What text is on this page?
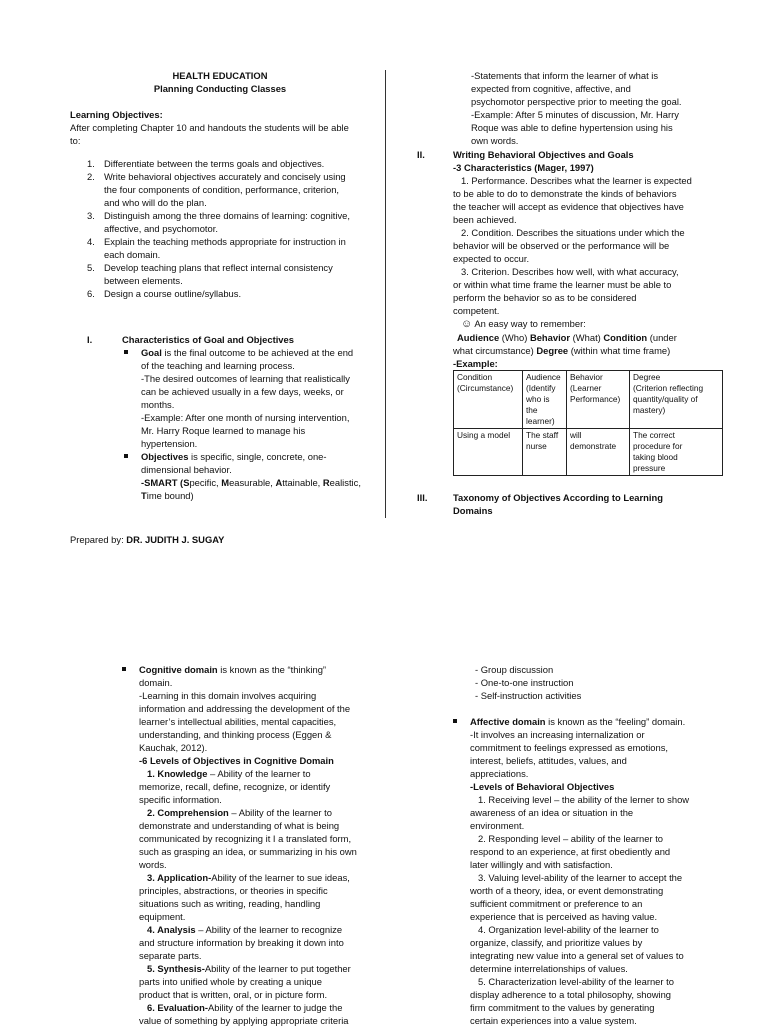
HEALTH EDUCATION

Planning Conducting Classes

Learning Objectives:

After completing Chapter 10 and handouts the students will be able

to:

1. Differentiate between the terms goals and objectives.
2. Write behavioral objectives accurately and concisely using
the four components of condition, performance, criterion,
and who will do the plan.
3. Distinguish among the three domains of learning: cognitive,
affective, and psychomotor.
4. Explain the teaching methods appropriate for instruction in
each domain.
5. Develop teaching plans that reflect internal consistency
between elements.
6. Design a course outline/syllabus.
I.	Characteristics of Goal and Objectives

Goal is the final outcome to be achieved at the end
of the teaching and learning process.
-The desired outcomes of learning that realistically
can be achieved usually in a few days, weeks, or
months.
-Example: After one month of nursing intervention,
Mr. Harry Roque learned to manage his
hypertension.
Objectives is specific, single, concrete, one-
dimensional behavior.
-SMART (Specific, Measurable, Attainable, Realistic,
Time bound)
Prepared by: DR. JUDITH J. SUGAY

-Statements that inform the learner of what is

expected from cognitive, affective, and

psychomotor perspective prior to meeting the goal.

-Example: After 5 minutes of discussion, Mr. Harry

Roque was able to define hypertension using his

own words.

II.	Writing Behavioral Objectives and Goals

-3 Characteristics (Mager, 1997)

1. Performance. Describes what the learner is expected

to be able to do to demonstrate the kinds of behaviors

the teacher will accept as evidence that objectives have

been achieved.

2. Condition. Describes the situations under which the

behavior will be observed or the performance will be

expected to occur.

3. Criterion. Describes how well, with what accuracy,

or within what time frame the learner must be able to

perform the behavior so as to be considered

competent.

☺ An easy way to remember:

Audience (Who) Behavior (What) Condition (under

what circumstance) Degree (within what time frame)

-Example:

Condition
(Circumstance)	Audience
(Identify
who is
the
learner)	Behavior
(Learner
Performance)	Degree
(Criterion reflecting
quantity/quality of
mastery)
Using a model	The staff
nurse	will
demonstrate	The correct
procedure for
taking blood
pressure
III.	Taxonomy of Objectives According to Learning

Domains

Cognitive domain is known as the “thinking”
domain.
-Learning in this domain involves acquiring
information and addressing the development of the
learner’s intellectual abilities, mental capacities,
understanding, and thinking process (Eggen &
Kauchak, 2012).
-6 Levels of Objectives in Cognitive Domain

1. Knowledge – Ability of the learner to

memorize, recall, define, recognize, or identify

specific information.

2. Comprehension – Ability of the learner to

demonstrate and understanding of what is being

communicated by recognizing it I a translated form,

such as grasping an idea, or summarizing in his own

words.

3. Application-Ability of the learner to sue ideas,

principles, abstractions, or theories in specific

situations such as writing, reading, handling

equipment.

4. Analysis – Ability of the learner to recognize

and structure information by breaking it down into

separate parts.

5. Synthesis-Ability of the learner to put together

parts into unified whole by creating a unique

product that is written, oral, or in picture form.

6. Evaluation-Ability of the learner to judge the

value of something by applying appropriate criteria

- Group discussion

- One-to-one instruction

- Self-instruction activities

Affective domain is known as the “feeling” domain.
-It involves an increasing internalization or
commitment to feelings expressed as emotions,
interest, beliefs, attitudes, values, and
appreciations.
-Levels of Behavioral Objectives

1. Receiving level – the ability of the lerner to show

awareness of an idea or situation in the

environment.

2. Responding level – ability of the learner to

respond to an experience, at first obediently and

later willingly and with satisfaction.

3. Valuing level-ability of the learner to accept the

worth of a theory, idea, or event demonstrating

sufficient commitment or preference to an

experience that is perceived as having value.

4. Organization level-ability of the learner to

organize, classify, and prioritize values by

integrating new value into a general set of values to

determine interrelationships of values.

5. Characterization level-ability of the learner to

display adherence to a total philosophy, showing

firm commitment to the values by generating

certain experiences into a value system.
